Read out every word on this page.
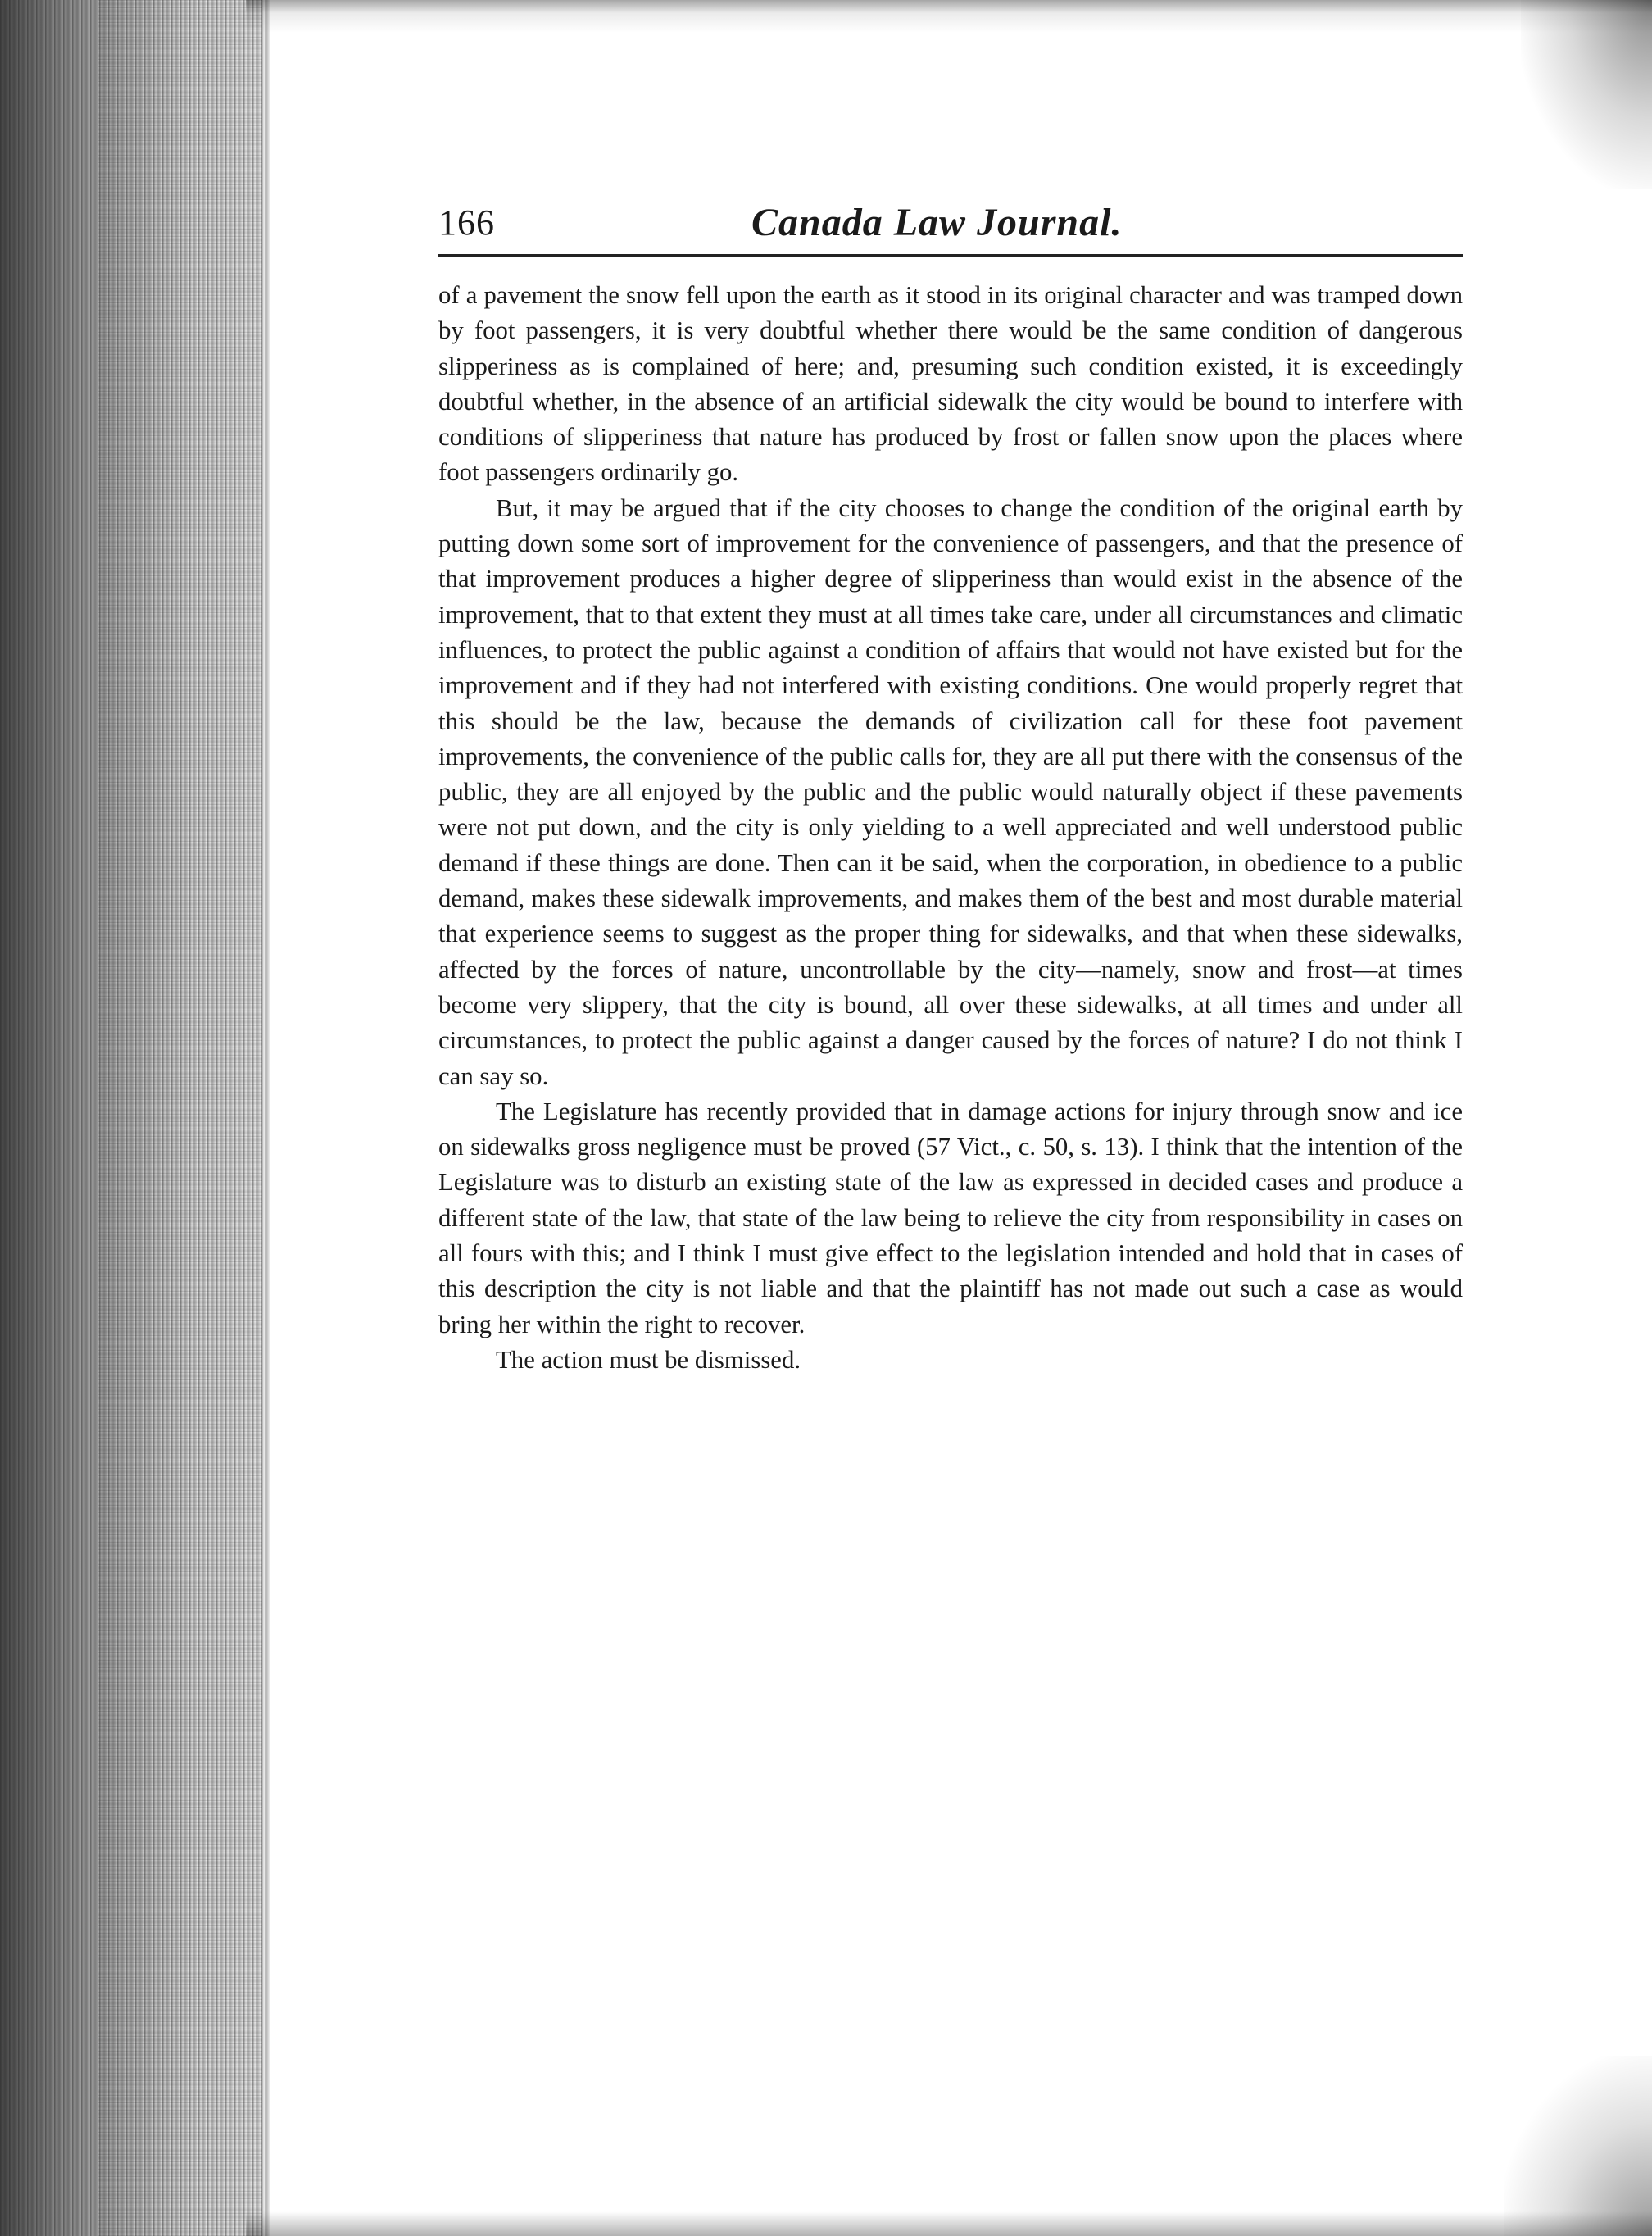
166	Canada Law Journal.

of a pavement the snow fell upon the earth as it stood in its original character and was tramped down by foot passengers, it is very doubtful whether there would be the same condition of dangerous slipperiness as is complained of here; and, presuming such condition existed, it is exceedingly doubtful whether, in the absence of an artificial sidewalk the city would be bound to interfere with conditions of slipperiness that nature has produced by frost or fallen snow upon the places where foot passengers ordinarily go.

But, it may be argued that if the city chooses to change the condition of the original earth by putting down some sort of improvement for the convenience of passengers, and that the presence of that improvement produces a higher degree of slipperiness than would exist in the absence of the improvement, that to that extent they must at all times take care, under all circumstances and climatic influences, to protect the public against a condition of affairs that would not have existed but for the improvement and if they had not interfered with existing conditions. One would properly regret that this should be the law, because the demands of civilization call for these foot pavement improvements, the convenience of the public calls for, they are all put there with the consensus of the public, they are all enjoyed by the public and the public would naturally object if these pavements were not put down, and the city is only yielding to a well appreciated and well understood public demand if these things are done. Then can it be said, when the corporation, in obedience to a public demand, makes these sidewalk improvements, and makes them of the best and most durable material that experience seems to suggest as the proper thing for sidewalks, and that when these sidewalks, affected by the forces of nature, uncontrollable by the city—namely, snow and frost—at times become very slippery, that the city is bound, all over these sidewalks, at all times and under all circumstances, to protect the public against a danger caused by the forces of nature? I do not think I can say so.

The Legislature has recently provided that in damage actions for injury through snow and ice on sidewalks gross negligence must be proved (57 Vict., c. 50, s. 13). I think that the intention of the Legislature was to disturb an existing state of the law as expressed in decided cases and produce a different state of the law, that state of the law being to relieve the city from responsibility in cases on all fours with this; and I think I must give effect to the legislation intended and hold that in cases of this description the city is not liable and that the plaintiff has not made out such a case as would bring her within the right to recover.

The action must be dismissed.
